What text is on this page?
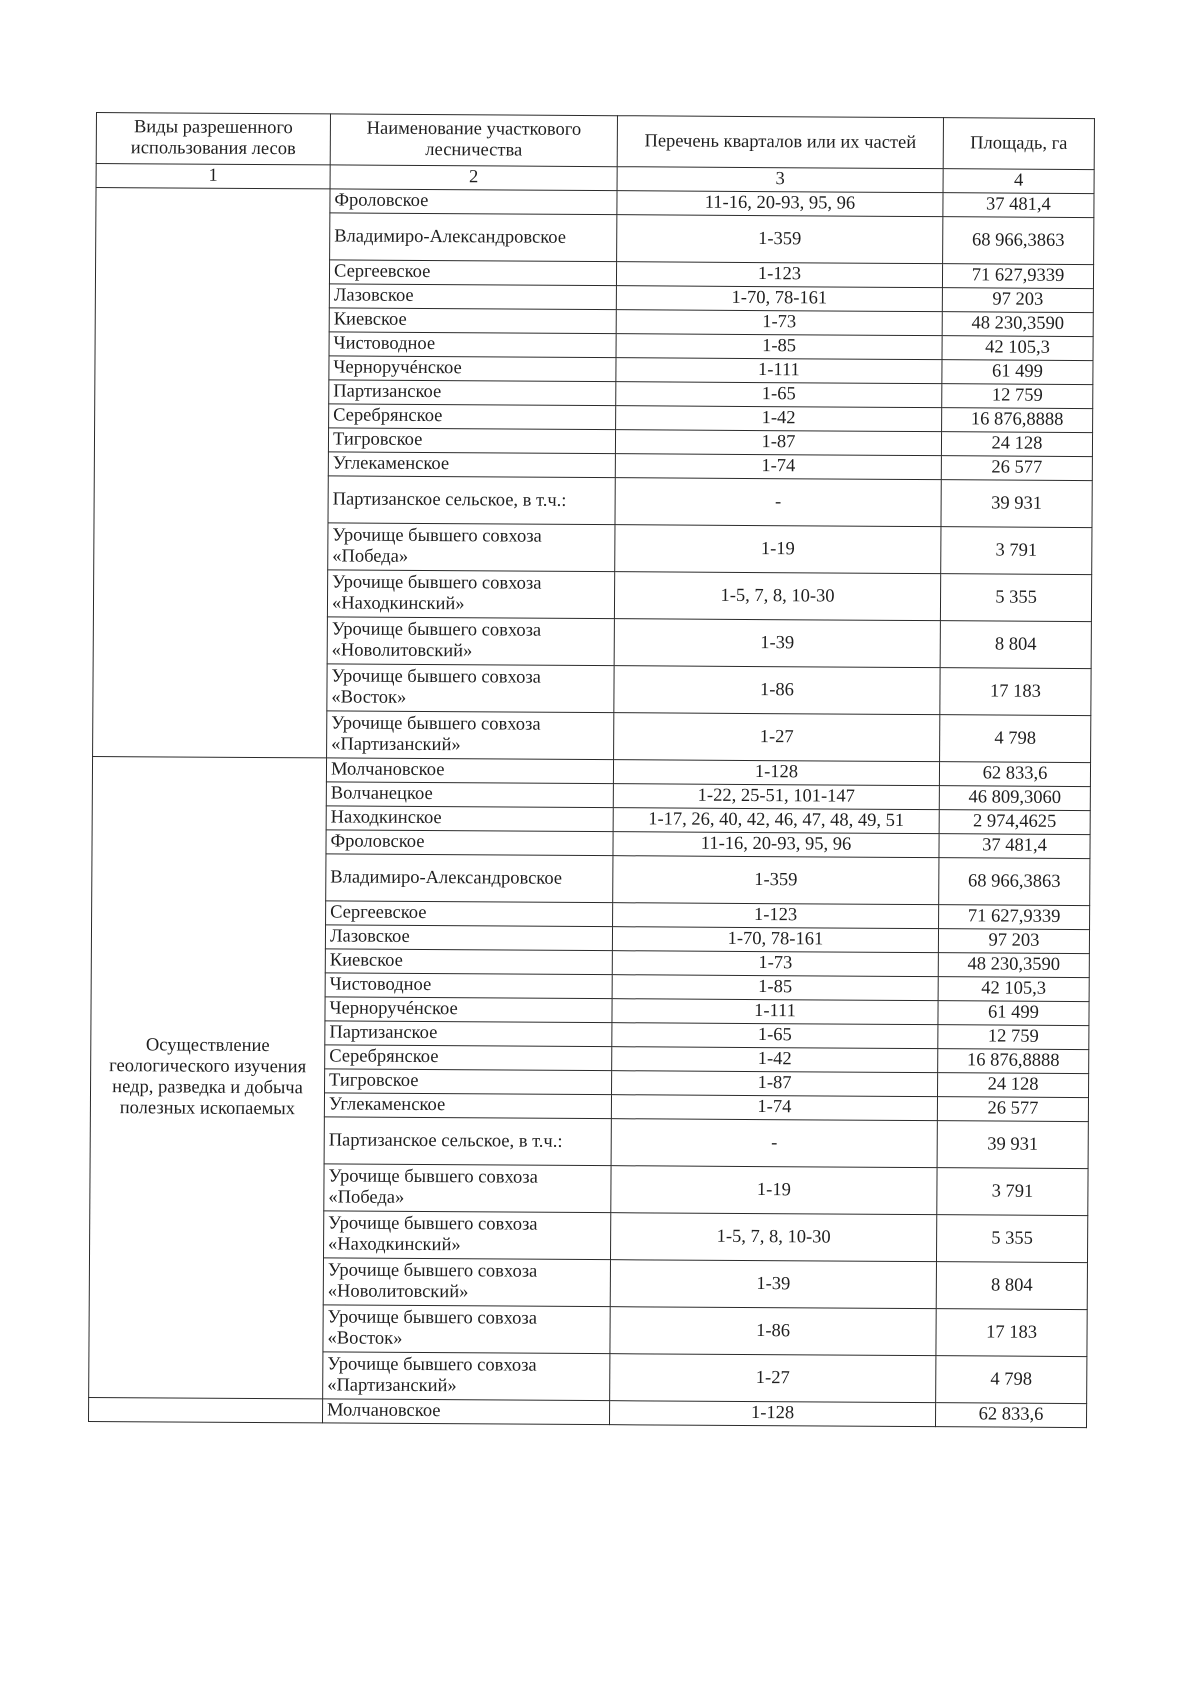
Виды разрешенного использования лесов	Наименование участкового лесничества	Перечень кварталов или их частей	Площадь, га
1	2	3	4
	Фроловское	11-16, 20-93, 95, 96	37 481,4
	Владимиро-Александровское	1-359	68 966,3863
	Сергеевское	1-123	71 627,9339
	Лазовское	1-70, 78-161	97 203
	Киевское	1-73	48 230,3590
	Чистоводное	1-85	42 105,3
	Черноручéнское	1-111	61 499
	Партизанское	1-65	12 759
	Серебрянское	1-42	16 876,8888
	Тигровское	1-87	24 128
	Углекаменское	1-74	26 577
	Партизанское сельское, в т.ч.:	-	39 931
	Урочище бывшего совхоза «Победа»	1-19	3 791
	Урочище бывшего совхоза «Находкинский»	1-5, 7, 8, 10-30	5 355
	Урочище бывшего совхоза «Новолитовский»	1-39	8 804
	Урочище бывшего совхоза «Восток»	1-86	17 183
	Урочище бывшего совхоза «Партизанский»	1-27	4 798
Осуществление геологического изучения недр, разведка и добыча полезных ископаемых	Молчановское	1-128	62 833,6
	Волчанецкое	1-22, 25-51, 101-147	46 809,3060
	Находкинское	1-17, 26, 40, 42, 46, 47, 48, 49, 51	2 974,4625
	Фроловское	11-16, 20-93, 95, 96	37 481,4
	Владимиро-Александровское	1-359	68 966,3863
	Сергеевское	1-123	71 627,9339
	Лазовское	1-70, 78-161	97 203
	Киевское	1-73	48 230,3590
	Чистоводное	1-85	42 105,3
	Черноручéнское	1-111	61 499
	Партизанское	1-65	12 759
	Серебрянское	1-42	16 876,8888
	Тигровское	1-87	24 128
	Углекаменское	1-74	26 577
	Партизанское сельское, в т.ч.:	-	39 931
	Урочище бывшего совхоза «Победа»	1-19	3 791
	Урочище бывшего совхоза «Находкинский»	1-5, 7, 8, 10-30	5 355
	Урочище бывшего совхоза «Новолитовский»	1-39	8 804
	Урочище бывшего совхоза «Восток»	1-86	17 183
	Урочище бывшего совхоза «Партизанский»	1-27	4 798
	Молчановское	1-128	62 833,6
